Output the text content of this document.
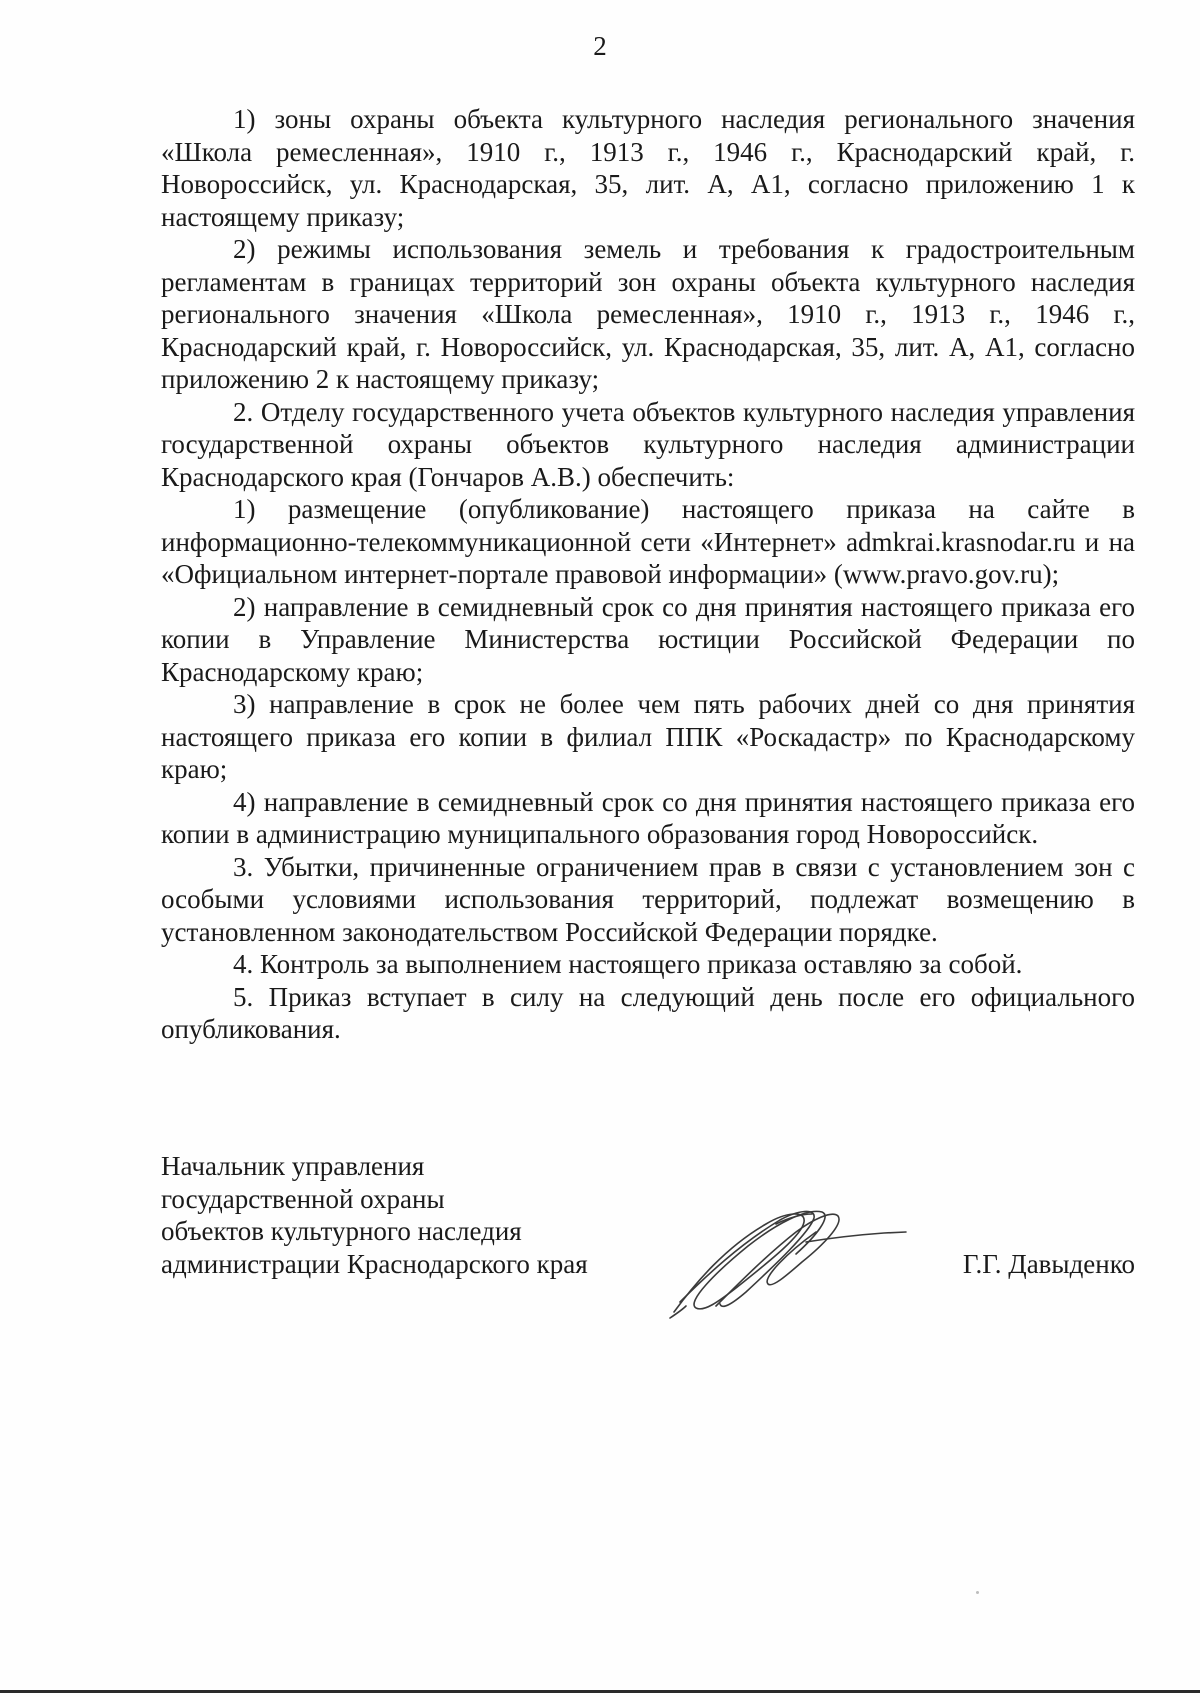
2

1) зоны охраны объекта культурного наследия регионального значения «Школа ремесленная», 1910 г., 1913 г., 1946 г., Краснодарский край, г. Новороссийск, ул. Краснодарская, 35, лит. А, А1, согласно приложению 1 к настоящему приказу;

2) режимы использования земель и требования к градостроительным регламентам в границах территорий зон охраны объекта культурного наследия регионального значения «Школа ремесленная», 1910 г., 1913 г., 1946 г., Краснодарский край, г. Новороссийск, ул. Краснодарская, 35, лит. А, А1, согласно приложению 2 к настоящему приказу;

2. Отделу государственного учета объектов культурного наследия управления государственной охраны объектов культурного наследия администрации Краснодарского края (Гончаров А.В.) обеспечить:

1) размещение (опубликование) настоящего приказа на сайте в информационно-телекоммуникационной сети «Интернет» admkrai.krasnodar.ru и на «Официальном интернет-портале правовой информации» (www.pravo.gov.ru);

2) направление в семидневный срок со дня принятия настоящего приказа его копии в Управление Министерства юстиции Российской Федерации по Краснодарскому краю;

3) направление в срок не более чем пять рабочих дней со дня принятия настоящего приказа его копии в филиал ППК «Роскадастр» по Краснодарскому краю;

4) направление в семидневный срок со дня принятия настоящего приказа его копии в администрацию муниципального образования город Новороссийск.

3. Убытки, причиненные ограничением прав в связи с установлением зон с особыми условиями использования территорий, подлежат возмещению в установленном законодательством Российской Федерации порядке.

4. Контроль за выполнением настоящего приказа оставляю за собой.

5. Приказ вступает в силу на следующий день после его официального опубликования.

Начальник управления
государственной охраны
объектов культурного наследия
администрации Краснодарского края	Г.Г. Давыденко
